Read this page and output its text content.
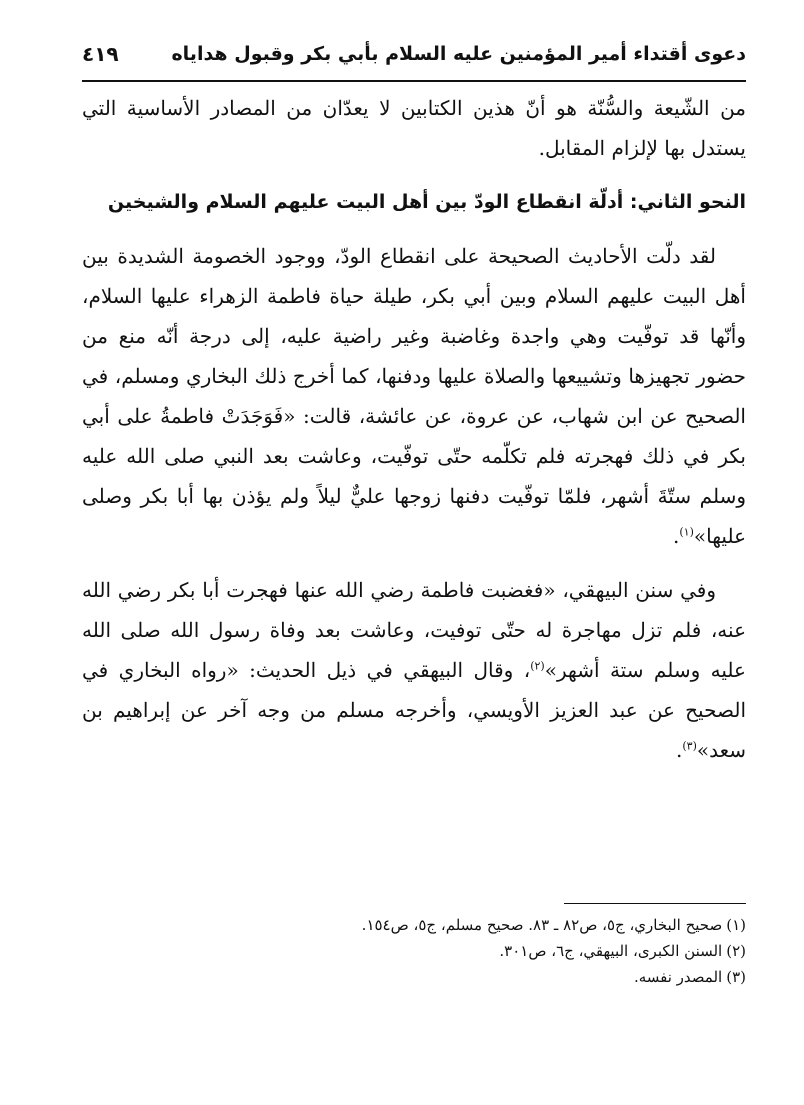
دعوى أقتداء أمير المؤمنين عليه السلام بأبي بكر وقبول هداياه
٤١٩

من الشّيعة والسُّنّة هو أنّ هذين الكتابين لا يعدّان من المصادر الأساسية التي يستدل بها لإلزام المقابل.

النحو الثاني: أدلّة انقطاع الودّ بين أهل البيت عليهم السلام والشيخين

لقد دلّت الأحاديث الصحيحة على انقطاع الودّ، ووجود الخصومة الشديدة بين أهل البيت عليهم السلام وبين أبي بكر، طيلة حياة فاطمة الزهراء عليها السلام، وأنّها قد توفّيت وهي واجدة وغاضبة وغير راضية عليه، إلى درجة أنّه منع من حضور تجهيزها وتشييعها والصلاة عليها ودفنها، كما أخرج ذلك البخاري ومسلم، في الصحيح عن ابن شهاب، عن عروة، عن عائشة، قالت: «فَوَجَدَتْ فاطمةُ على أبي بكر في ذلك فهجرته فلم تكلّمه حتّى توفّيت، وعاشت بعد النبي صلى الله عليه وسلم ستّةَ أشهر، فلمّا توفّيت دفنها زوجها عليٌّ ليلاً ولم يؤذن بها أبا بكر وصلى عليها»$^{(١)}$.

وفي سنن البيهقي، «فغضبت فاطمة رضي الله عنها فهجرت أبا بكر رضي الله عنه، فلم تزل مهاجرة له حتّى توفيت، وعاشت بعد وفاة رسول الله صلى الله عليه وسلم ستة أشهر»$^{(٢)}$، وقال البيهقي في ذيل الحديث: «رواه البخاري في الصحيح عن عبد العزيز الأويسي، وأخرجه مسلم من وجه آخر عن إبراهيم بن سعد»$^{(٣)}$.

(١)صحيح البخاري، ج٥، ص٨٢ ـ ٨٣. صحيح مسلم، ج٥، ص١٥٤.

(٢)السنن الكبرى، البيهقي، ج٦، ص٣٠١.

(٣)المصدر نفسه.
